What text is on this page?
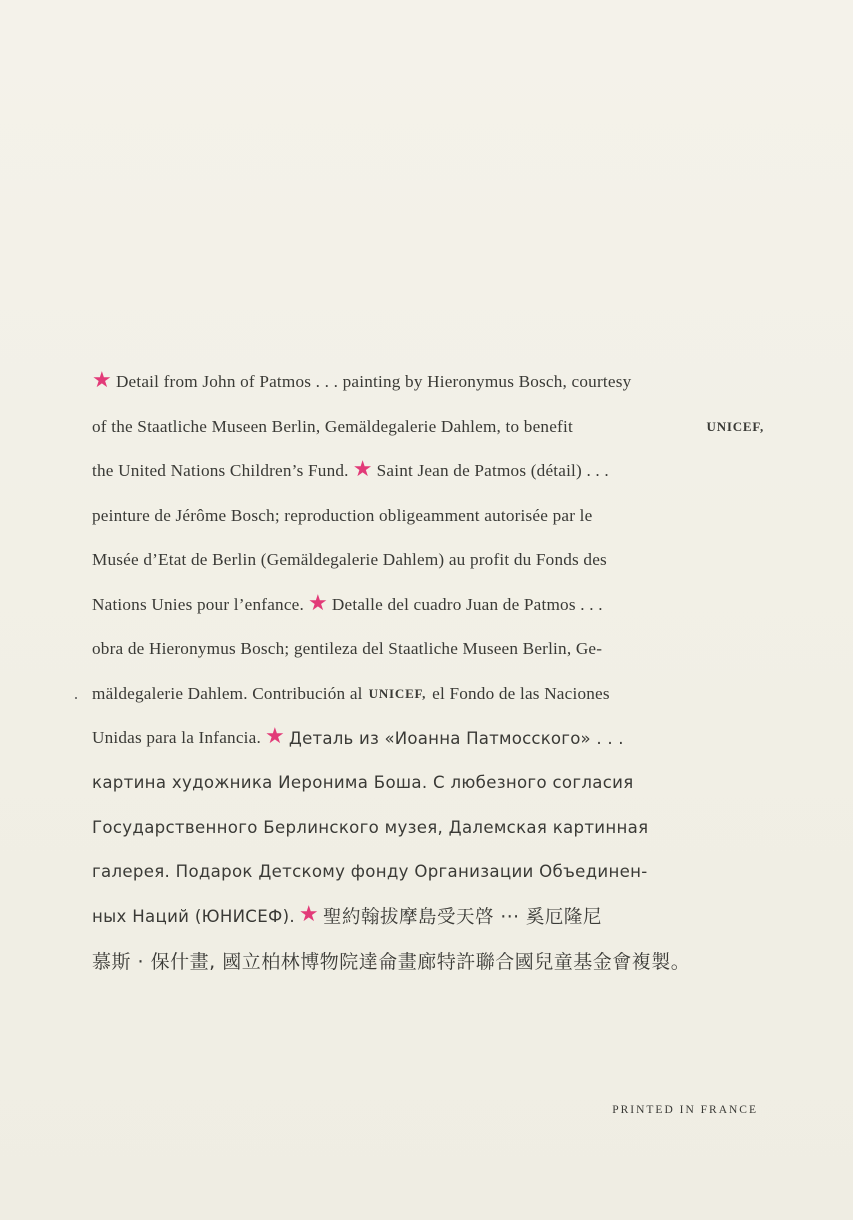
★ Detail from John of Patmos . . . painting by Hieronymus Bosch, courtesy
of the Staatliche Museen Berlin, Gemäldegalerie Dahlem, to benefit	UNICEF,
the United Nations Children’s Fund. ★ Saint Jean de Patmos (détail) . . .
peinture de Jérôme Bosch; reproduction obligeamment autorisée par le
Musée d’Etat de Berlin (Gemäldegalerie Dahlem) au profit du Fonds des
Nations Unies pour l’enfance. ★ Detalle del cuadro Juan de Patmos . . .
obra de Hieronymus Bosch; gentileza del Staatliche Museen Berlin, Ge-
mäldegalerie Dahlem. Contribución al UNICEF, el Fondo de las Naciones
Unidas para la Infancia. ★ Деталь из «Иоанна Патмосского» . . .
картина художника Иеронима Боша. С любезного согласия
Государственного Берлинского музея, Далемская картинная
галерея. Подарок Детскому фонду Организации Объединен-
ных Наций (ЮНИСЕФ). ★ 聖約翰拔摩島受天啓 ··· 奚厄隆尼
慕斯 · 保什畫, 國立柏林博物院達侖畫廊特許聯合國兒童基金會複製。
PRINTED IN FRANCE
